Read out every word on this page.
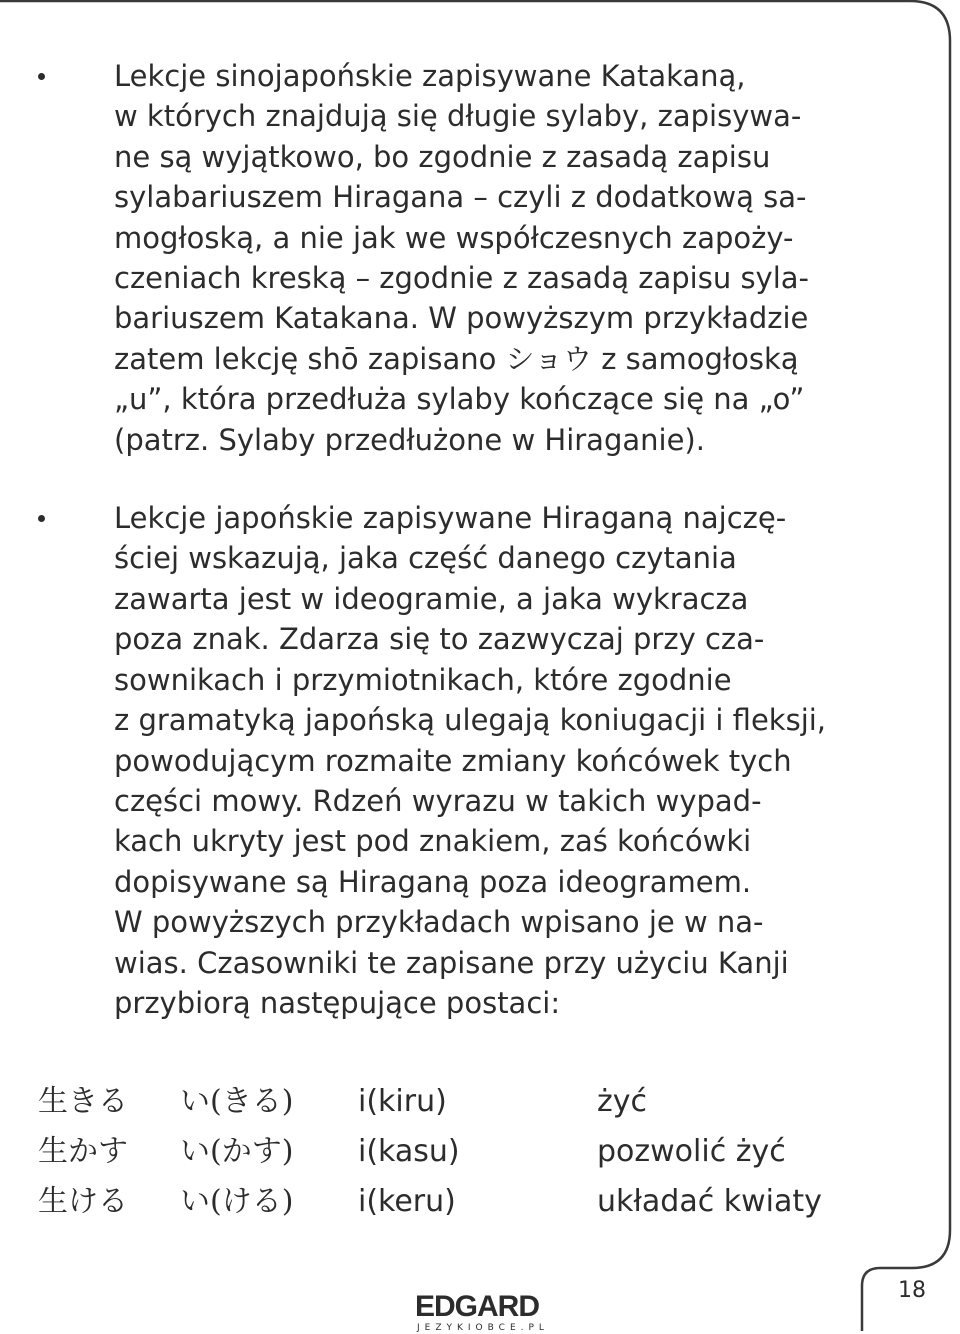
Lekcje sinojapońskie zapisywane Katakaną,
w których znajdują się długie sylaby, zapisywa-
ne są wyjątkowo, bo zgodnie z zasadą zapisu
sylabariuszem Hiragana – czyli z dodatkową sa-
mogłoską, a nie jak we współczesnych zapoży-
czeniach kreską – zgodnie z zasadą zapisu syla-
bariuszem Katakana. W powyższym przykładzie
zatem lekcję shō zapisano ショウ z samogłoską
„u”, która przedłuża sylaby kończące się na „o”
(patrz. Sylaby przedłużone w Hiraganie).
Lekcje japońskie zapisywane Hiraganą najczę-
ściej wskazują, jaka część danego czytania
zawarta jest w ideogramie, a jaka wykracza
poza znak. Zdarza się to zazwyczaj przy cza-
sownikach i przymiotnikach, które zgodnie
z gramatyką japońską ulegają koniugacji i fleksji,
powodującym rozmaite zmiany końcówek tych
części mowy. Rdzeń wyrazu w takich wypad-
kach ukryty jest pod znakiem, zaś końcówki
dopisywane są Hiraganą poza ideogramem.
W powyższych przykładach wpisano je w na-
wias. Czasowniki te zapisane przy użyciu Kanji
przybiorą następujące postaci:
生きる い(きる) i(kiru)	żyć
生かす い(かす) i(kasu)	pozwolić żyć
生ける い(ける) i(keru)	układać kwiaty
EDGARD
JEZYKIOBCE.PL
18
